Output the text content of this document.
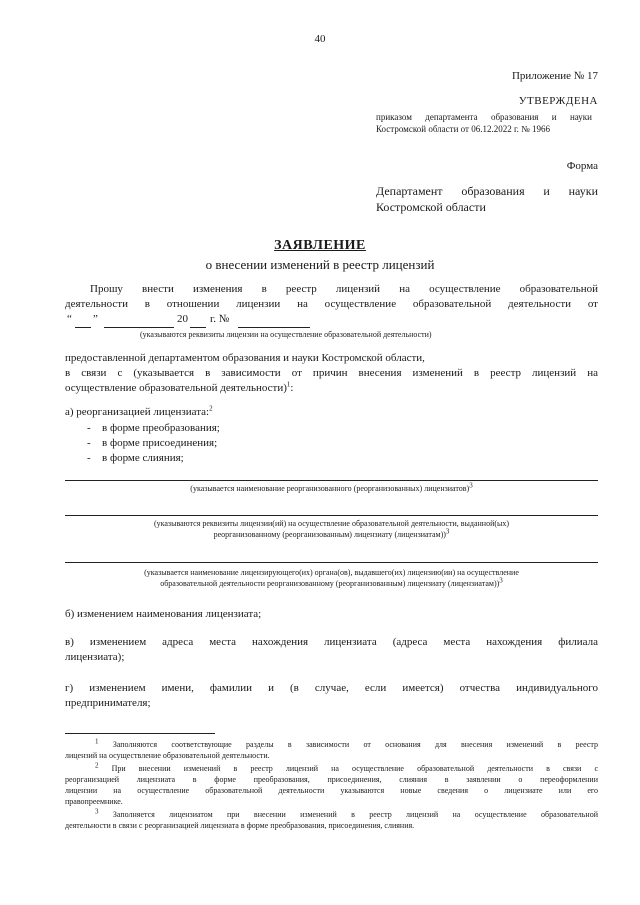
40
Приложение № 17
УТВЕРЖДЕНА
приказом департамента образования и науки
Костромской области от 06.12.2022 г. № 1966
Форма
Департамент образования и науки
Костромской области
ЗАЯВЛЕНИЕ
о внесении изменений в реестр лицензий
Прошу внести изменения в реестр лицензий на осуществление образовательной
деятельности в отношении лицензии на осуществление образовательной деятельности от
“ ”	20 г. №
(указываются реквизиты лицензии на осуществление образовательной деятельности)
предоставленной департаментом образования и науки Костромской области,
в связи с (указывается в зависимости от причин внесения изменений в реестр лицензий на
осуществление образовательной деятельности)$^1$:
а) реорганизацией лицензиата:$^2$
- в форме преобразования;
- в форме присоединения;
- в форме слияния;
(указывается наименование реорганизованного (реорганизованных) лицензиатов)3
(указываются реквизиты лицензии(ий) на осуществление образовательной деятельности, выданной(ых)
реорганизованному (реорганизованным) лицензиату (лицензиатам))3
(указывается наименование лицензирующего(их) органа(ов), выдавшего(их) лицензию(ии) на осуществление
образовательной деятельности реорганизованному (реорганизованным) лицензиату (лицензиатам))3
б) изменением наименования лицензиата;
в) изменением адреса места нахождения лицензиата (адреса места нахождения филиала
лицензиата);
г) изменением имени, фамилии и (в случае, если имеется) отчества индивидуального
предпринимателя;
1 Заполняются соответствующие разделы в зависимости от основания для внесения изменений в реестр
лицензий на осуществление образовательной деятельности.
2 При внесении изменений в реестр лицензий на осуществление образовательной деятельности в связи с
реорганизацией лицензиата в форме преобразования, присоединения, слияния в заявлении о переоформлении
лицензии на осуществление образовательной деятельности указываются новые сведения о лицензиате или его
правопреемнике.
3 Заполняется лицензиатом при внесении изменений в реестр лицензий на осуществление образовательной
деятельности в связи с реорганизацией лицензиата в форме преобразования, присоединения, слияния.
